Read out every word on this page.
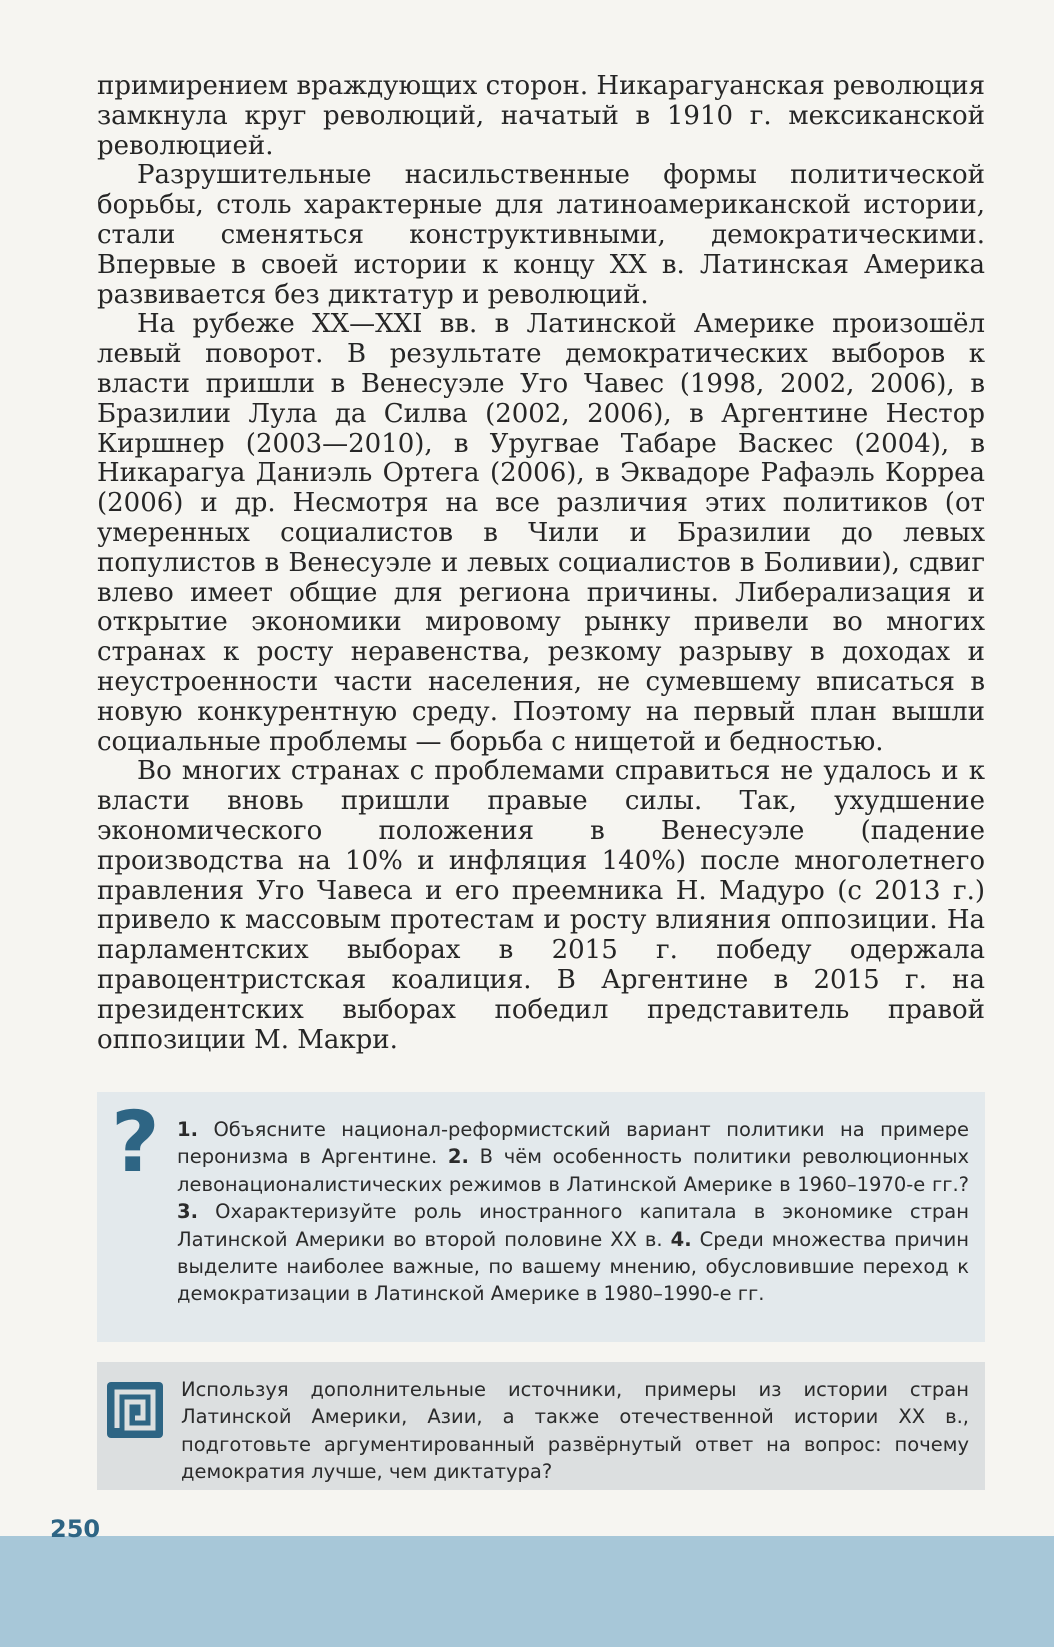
примирением враждующих сторон. Никарагуанская революция замкнула круг революций, начатый в 1910 г. мексиканской революцией.

Разрушительные насильственные формы политической борьбы, столь характерные для латиноамериканской истории, стали сменяться конструктивными, демократическими. Впервые в своей истории к концу XX в. Латинская Америка развивается без диктатур и революций.

На рубеже XX—XXI вв. в Латинской Америке произошёл левый поворот. В результате демократических выборов к власти пришли в Венесуэле Уго Чавес (1998, 2002, 2006), в Бразилии Лула да Силва (2002, 2006), в Аргентине Нестор Киршнер (2003—2010), в Уругвае Табаре Васкес (2004), в Никарагуа Даниэль Ортега (2006), в Эквадоре Рафаэль Корреа (2006) и др. Несмотря на все различия этих политиков (от умеренных социалистов в Чили и Бразилии до левых популистов в Венесуэле и левых социалистов в Боливии), сдвиг влево имеет общие для региона причины. Либерализация и открытие экономики мировому рынку привели во многих странах к росту неравенства, резкому разрыву в доходах и неустроенности части населения, не сумевшему вписаться в новую конкурентную среду. Поэтому на первый план вышли социальные проблемы — борьба с нищетой и бедностью.

Во многих странах с проблемами справиться не удалось и к власти вновь пришли правые силы. Так, ухудшение экономического положения в Венесуэле (падение производства на 10% и инфляция 140%) после многолетнего правления Уго Чавеса и его преемника Н. Мадуро (с 2013 г.) привело к массовым протестам и росту влияния оппозиции. На парламентских выборах в 2015 г. победу одержала правоцентристская коалиция. В Аргентине в 2015 г. на президентских выборах победил представитель правой оппозиции М. Макри.

? 1. Объясните национал-реформистский вариант политики на примере перонизма в Аргентине. 2. В чём особенность политики революционных левонационалистических режимов в Латинской Америке в 1960–1970-е гг.? 3. Охарактеризуйте роль иностранного капитала в экономике стран Латинской Америки во второй половине XX в. 4. Среди множества причин выделите наиболее важные, по вашему мнению, обусловившие переход к демократизации в Латинской Америке в 1980–1990-е гг.
Используя дополнительные источники, примеры из истории стран Латинской Америки, Азии, а также отечественной истории XX в., подготовьте аргументированный развёрнутый ответ на вопрос: почему демократия лучше, чем диктатура?
250
